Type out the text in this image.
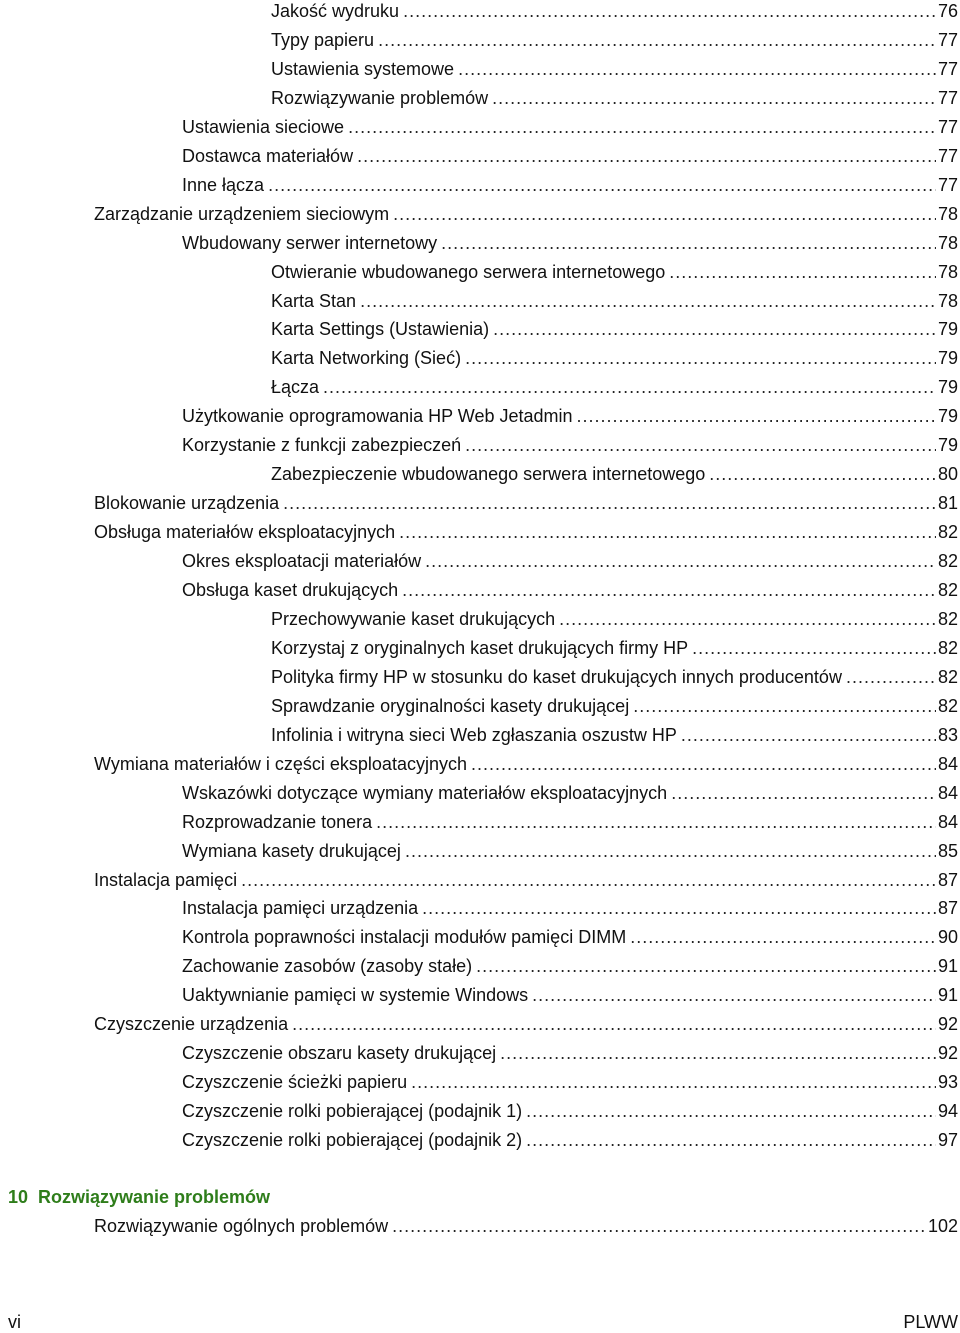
Jakość wydruku .....	76
Typy papieru .....	77
Ustawienia systemowe .....	77
Rozwiązywanie problemów .....	77
Ustawienia sieciowe .....	77
Dostawca materiałów .....	77
Inne łącza .....	77
Zarządzanie urządzeniem sieciowym .....	78
Wbudowany serwer internetowy .....	78
Otwieranie wbudowanego serwera internetowego .....	78
Karta Stan .....	78
Karta Settings (Ustawienia) .....	79
Karta Networking (Sieć) .....	79
Łącza .....	79
Użytkowanie oprogramowania HP Web Jetadmin .....	79
Korzystanie z funkcji zabezpieczeń .....	79
Zabezpieczenie wbudowanego serwera internetowego .....	80
Blokowanie urządzenia .....	81
Obsługa materiałów eksploatacyjnych .....	82
Okres eksploatacji materiałów .....	82
Obsługa kaset drukujących .....	82
Przechowywanie kaset drukujących .....	82
Korzystaj z oryginalnych kaset drukujących firmy HP .....	82
Polityka firmy HP w stosunku do kaset drukujących innych producentów .....	82
Sprawdzanie oryginalności kasety drukującej .....	82
Infolinia i witryna sieci Web zgłaszania oszustw HP .....	83
Wymiana materiałów i części eksploatacyjnych .....	84
Wskazówki dotyczące wymiany materiałów eksploatacyjnych .....	84
Rozprowadzanie tonera .....	84
Wymiana kasety drukującej .....	85
Instalacja pamięci .....	87
Instalacja pamięci urządzenia .....	87
Kontrola poprawności instalacji modułów pamięci DIMM .....	90
Zachowanie zasobów (zasoby stałe) .....	91
Uaktywnianie pamięci w systemie Windows .....	91
Czyszczenie urządzenia .....	92
Czyszczenie obszaru kasety drukującej .....	92
Czyszczenie ścieżki papieru .....	93
Czyszczenie rolki pobierającej (podajnik 1) .....	94
Czyszczenie rolki pobierającej (podajnik 2) .....	97
10 Rozwiązywanie problemów
Rozwiązywanie ogólnych problemów .....	102
vi	PLWW
